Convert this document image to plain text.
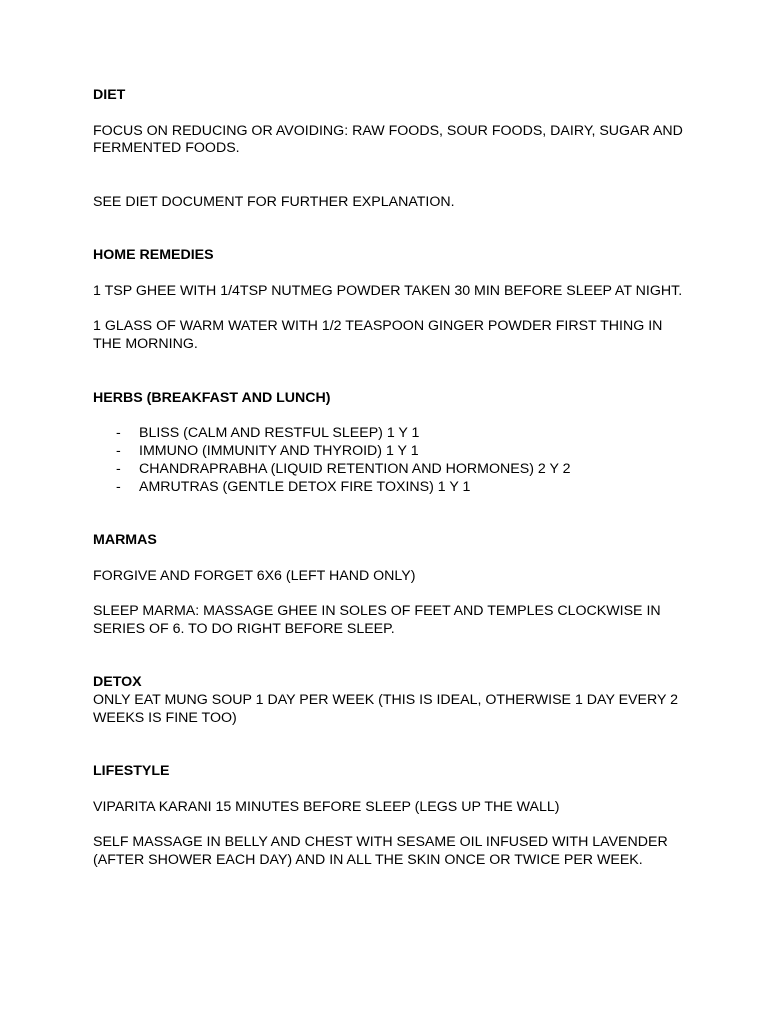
DIET

FOCUS ON REDUCING OR AVOIDING: RAW FOODS, SOUR FOODS, DAIRY, SUGAR AND FERMENTED FOODS.

SEE DIET DOCUMENT FOR FURTHER EXPLANATION.

HOME REMEDIES

1 TSP GHEE WITH 1/4TSP NUTMEG POWDER TAKEN 30 MIN BEFORE SLEEP AT NIGHT.

1 GLASS OF WARM WATER WITH 1/2 TEASPOON GINGER POWDER FIRST THING IN THE MORNING.

HERBS (BREAKFAST AND LUNCH)

- BLISS (CALM AND RESTFUL SLEEP) 1 Y 1
- IMMUNO (IMMUNITY AND THYROID) 1 Y 1
- CHANDRAPRABHA (LIQUID RETENTION AND HORMONES) 2 Y 2
- AMRUTRAS (GENTLE DETOX FIRE TOXINS) 1 Y 1

MARMAS

FORGIVE AND FORGET 6X6 (LEFT HAND ONLY)

SLEEP MARMA: MASSAGE GHEE IN SOLES OF FEET AND TEMPLES CLOCKWISE IN SERIES OF 6. TO DO RIGHT BEFORE SLEEP.

DETOX

ONLY EAT MUNG SOUP 1 DAY PER WEEK (THIS IS IDEAL, OTHERWISE 1 DAY EVERY 2 WEEKS IS FINE TOO)

LIFESTYLE

VIPARITA KARANI 15 MINUTES BEFORE SLEEP (LEGS UP THE WALL)

SELF MASSAGE IN BELLY AND CHEST WITH SESAME OIL INFUSED WITH LAVENDER (AFTER SHOWER EACH DAY) AND IN ALL THE SKIN ONCE OR TWICE PER WEEK.
